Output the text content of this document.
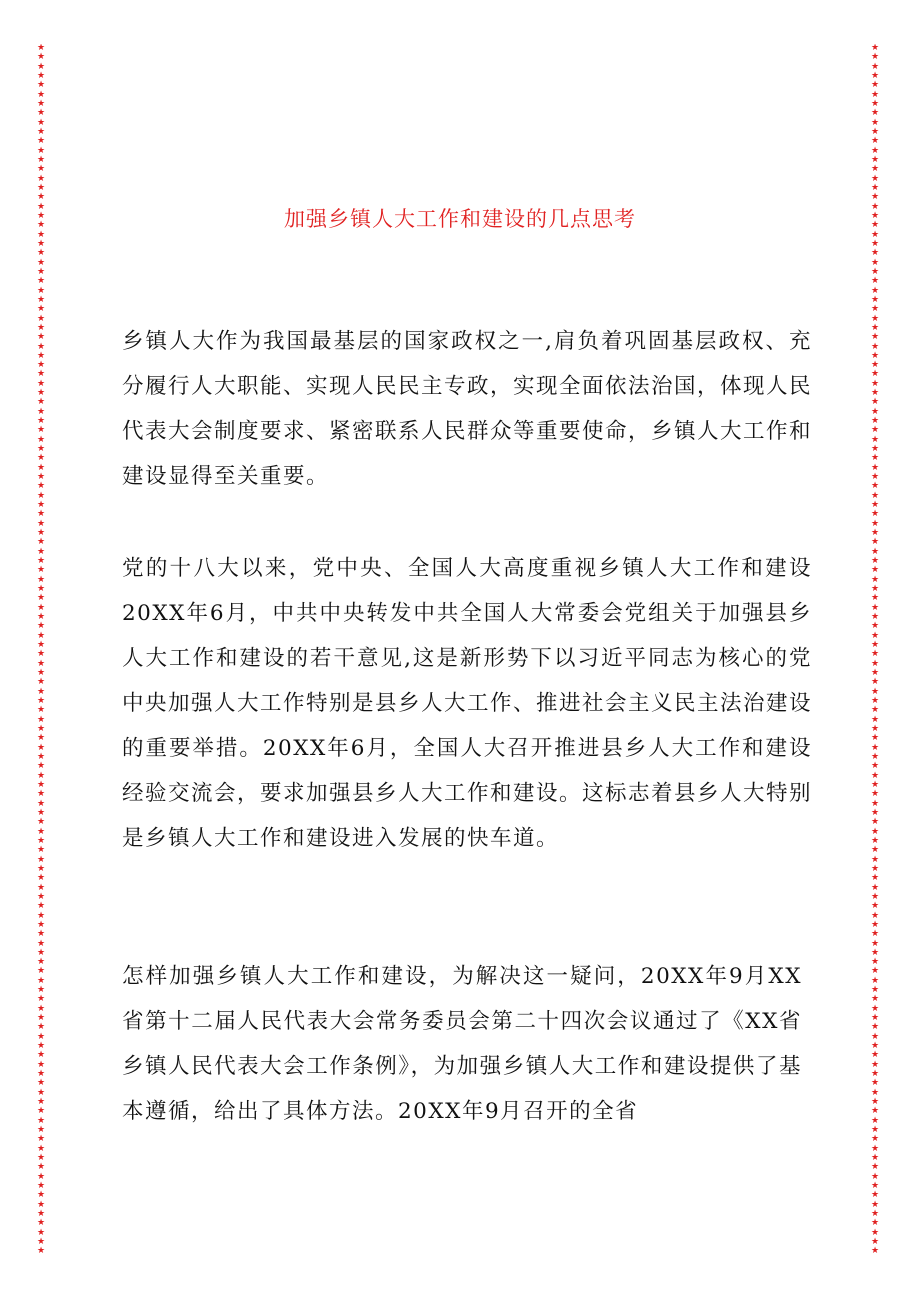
★★★★★★★★★★★★★★★★★★★★★★★★★★★★★★★★★★★★★★★★★★★★★★★★★★★★★★★★★★★★★★★★★★★★★★★★★★★★★★★★★★★★★★★★★★★★★★★★★★★★★★★★★★★★★★★★★★★★★★★★★★★★★★★★★★
★★★★★★★★★★★★★★★★★★★★★★★★★★★★★★★★★★★★★★★★★★★★★★★★★★★★★★★★★★★★★★★★★★★★★★★★★★★★★★★★★★★★★★★★★★★★★★★★★★★★★★★★★★★★★★★★★★★★★★★★★★★★★★★★★★
加强乡镇人大工作和建设的几点思考

乡镇人大作为我国最基层的国家政权之一,肩负着巩固基层政权、充分履行人大职能、实现人民民主专政，实现全面依法治国，体现人民代表大会制度要求、紧密联系人民群众等重要使命，乡镇人大工作和建设显得至关重要。

党的十八大以来，党中央、全国人大高度重视乡镇人大工作和建设20XX年6月，中共中央转发中共全国人大常委会党组关于加强县乡人大工作和建设的若干意见,这是新形势下以习近平同志为核心的党中央加强人大工作特别是县乡人大工作、推进社会主义民主法治建设的重要举措。20XX年6月，全国人大召开推进县乡人大工作和建设经验交流会，要求加强县乡人大工作和建设。这标志着县乡人大特别是乡镇人大工作和建设进入发展的快车道。

怎样加强乡镇人大工作和建设，为解决这一疑问，20XX年9月XX省第十二届人民代表大会常务委员会第二十四次会议通过了《XX省乡镇人民代表大会工作条例》，为加强乡镇人大工作和建设提供了基本遵循，给出了具体方法。20XX年9月召开的全省
